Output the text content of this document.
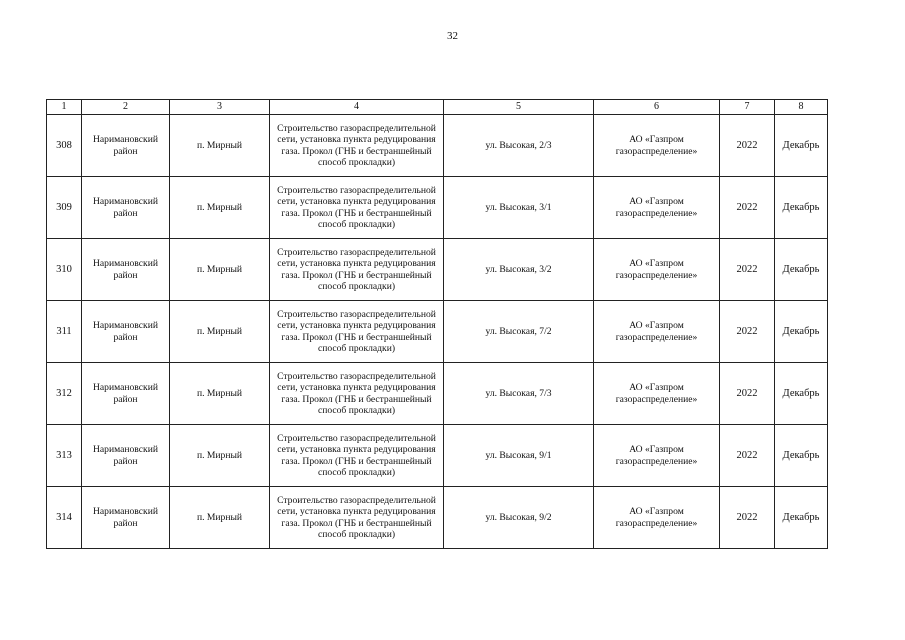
32
1	2	3	4	5	6	7	8
308	Наримановский район	п. Мирный	Строительство газораспределительной сети, установка пункта редуцирования газа. Прокол (ГНБ и бестраншейный способ прокладки)	ул. Высокая, 2/3	АО «Газпром газораспределение»	2022	Декабрь
309	Наримановский район	п. Мирный	Строительство газораспределительной сети, установка пункта редуцирования газа. Прокол (ГНБ и бестраншейный способ прокладки)	ул. Высокая, 3/1	АО «Газпром газораспределение»	2022	Декабрь
310	Наримановский район	п. Мирный	Строительство газораспределительной сети, установка пункта редуцирования газа. Прокол (ГНБ и бестраншейный способ прокладки)	ул. Высокая, 3/2	АО «Газпром газораспределение»	2022	Декабрь
311	Наримановский район	п. Мирный	Строительство газораспределительной сети, установка пункта редуцирования газа. Прокол (ГНБ и бестраншейный способ прокладки)	ул. Высокая, 7/2	АО «Газпром газораспределение»	2022	Декабрь
312	Наримановский район	п. Мирный	Строительство газораспределительной сети, установка пункта редуцирования газа. Прокол (ГНБ и бестраншейный способ прокладки)	ул. Высокая, 7/3	АО «Газпром газораспределение»	2022	Декабрь
313	Наримановский район	п. Мирный	Строительство газораспределительной сети, установка пункта редуцирования газа. Прокол (ГНБ и бестраншейный способ прокладки)	ул. Высокая, 9/1	АО «Газпром газораспределение»	2022	Декабрь
314	Наримановский район	п. Мирный	Строительство газораспределительной сети, установка пункта редуцирования газа. Прокол (ГНБ и бестраншейный способ прокладки)	ул. Высокая, 9/2	АО «Газпром газораспределение»	2022	Декабрь
